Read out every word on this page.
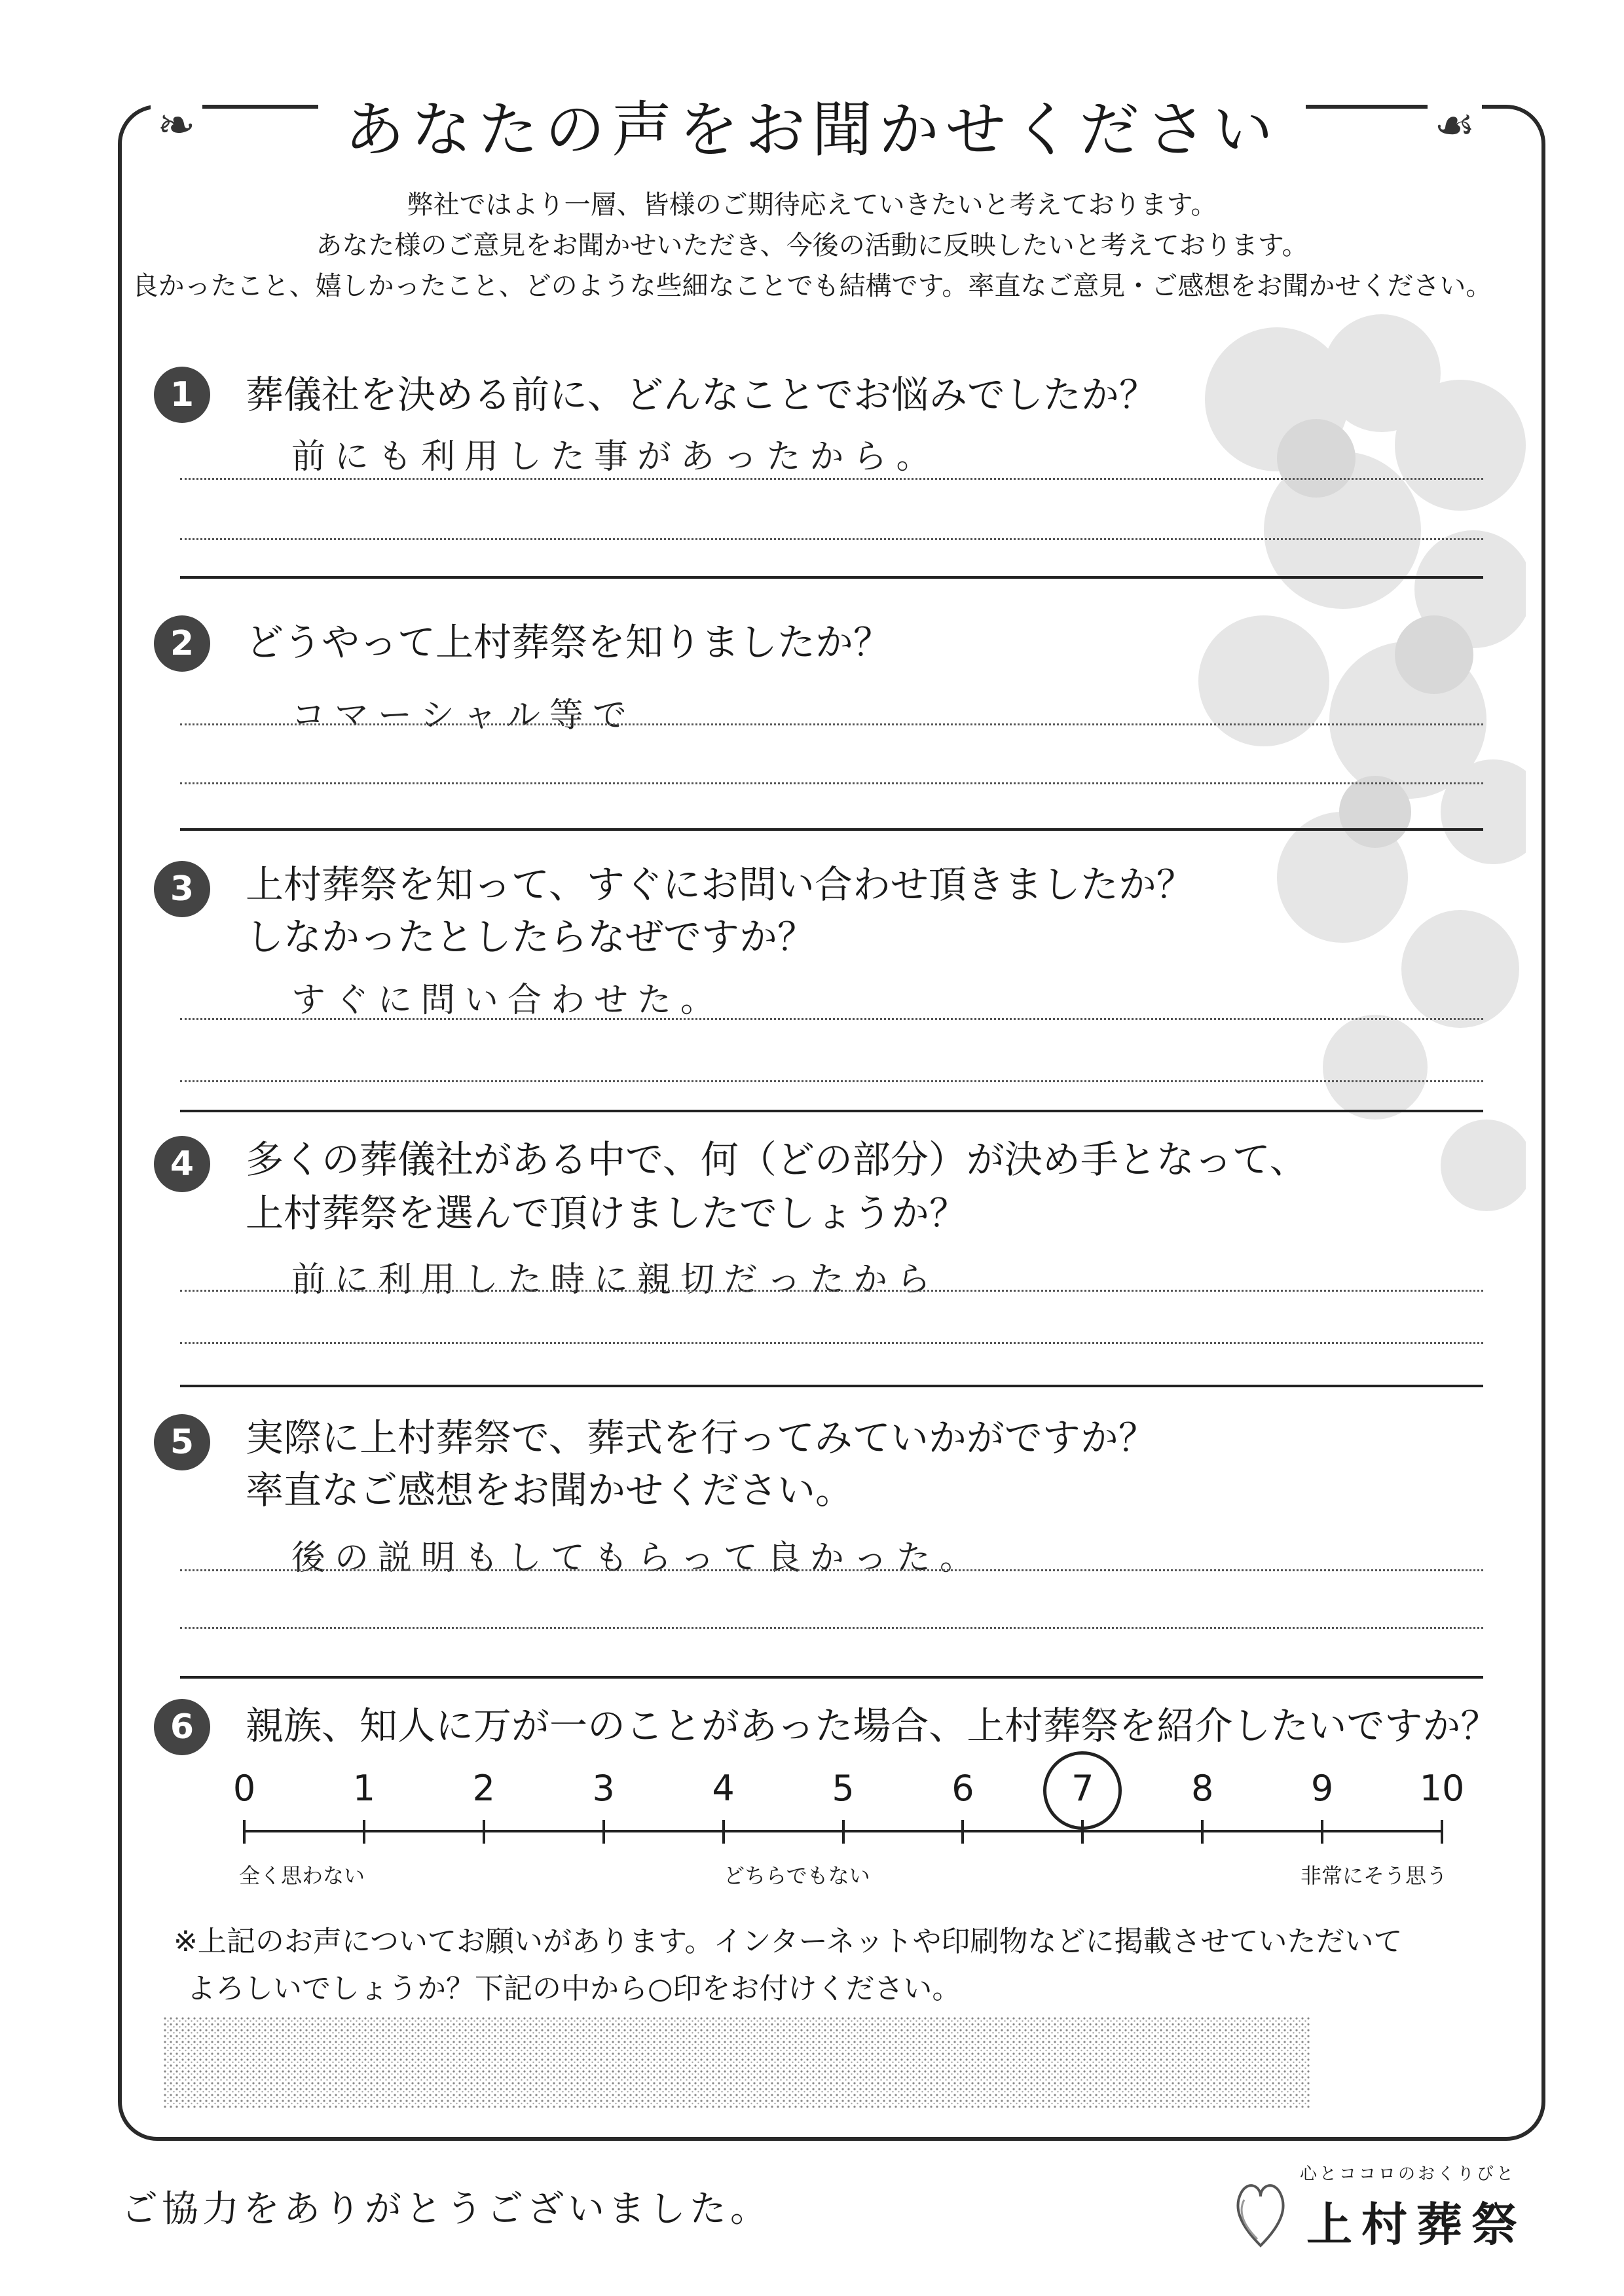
❧	☙
あなたの声をお聞かせください
弊社ではより一層、皆様のご期待応えていきたいと考えております。
あなた様のご意見をお聞かせいただき、今後の活動に反映したいと考えております。
良かったこと、嬉しかったこと、どのような些細なことでも結構です。率直なご意見・ご感想をお聞かせください。
1	葬儀社を決める前に、どんなことでお悩みでしたか？
前にも利用した事があったから。
2	どうやって上村葬祭を知りましたか？
コマーシャル等で
3	上村葬祭を知って、すぐにお問い合わせ頂きましたか？
しなかったとしたらなぜですか？
すぐに問い合わせた。
4	多くの葬儀社がある中で、何（どの部分）が決め手となって、
上村葬祭を選んで頂けましたでしょうか？
前に利用した時に親切だったから
5	実際に上村葬祭で、葬式を行ってみていかがですか？
率直なご感想をお聞かせください。
後の説明もしてもらって良かった。
6	親族、知人に万が一のことがあった場合、上村葬祭を紹介したいですか？
全く思わない	どちらでもない	非常にそう思う
0	1	2	3	4	5	6	7	8	9	10
※上記のお声についてお願いがあります。インターネットや印刷物などに掲載させていただいて
よろしいでしょうか？下記の中から○印をお付けください。
ご協力をありがとうございました。
心とココロのおくりびと
上村葬祭
